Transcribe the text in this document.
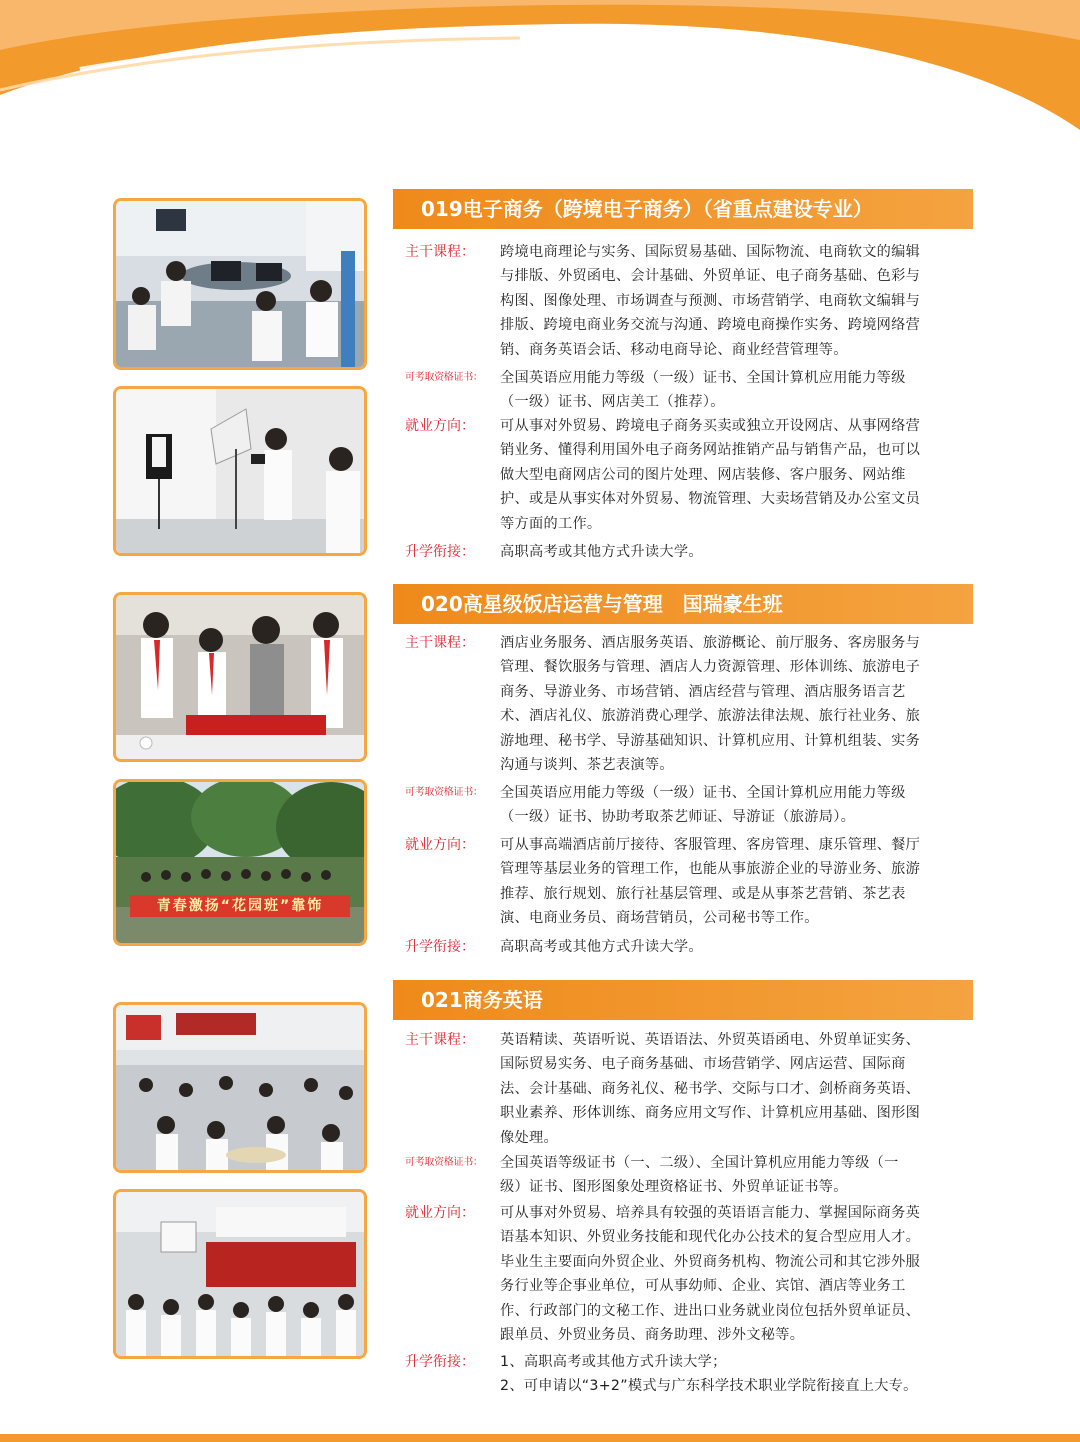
青春激扬“花园班”靠饰
019电子商务（跨境电子商务）（省重点建设专业）
主干课程：	跨境电商理论与实务、国际贸易基础、国际物流、电商软文的编辑
与排版、外贸函电、会计基础、外贸单证、电子商务基础、色彩与
构图、图像处理、市场调查与预测、市场营销学、电商软文编辑与
排版、跨境电商业务交流与沟通、跨境电商操作实务、跨境网络营
销、商务英语会话、移动电商导论、商业经营管理等。
可考取资格证书：	全国英语应用能力等级（一级）证书、全国计算机应用能力等级
（一级）证书、网店美工（推荐）。
就业方向：	可从事对外贸易、跨境电子商务买卖或独立开设网店、从事网络营
销业务、懂得利用国外电子商务网站推销产品与销售产品，也可以
做大型电商网店公司的图片处理、网店装修、客户服务、网站维
护、或是从事实体对外贸易、物流管理、大卖场营销及办公室文员
等方面的工作。
升学衔接：	高职高考或其他方式升读大学。
020高星级饭店运营与管理　国瑞豪生班
主干课程：	酒店业务服务、酒店服务英语、旅游概论、前厅服务、客房服务与
管理、餐饮服务与管理、酒店人力资源管理、形体训练、旅游电子
商务、导游业务、市场营销、酒店经营与管理、酒店服务语言艺
术、酒店礼仪、旅游消费心理学、旅游法律法规、旅行社业务、旅
游地理、秘书学、导游基础知识、计算机应用、计算机组装、实务
沟通与谈判、茶艺表演等。
可考取资格证书：	全国英语应用能力等级（一级）证书、全国计算机应用能力等级
（一级）证书、协助考取茶艺师证、导游证（旅游局）。
就业方向：	可从事高端酒店前厅接待、客服管理、客房管理、康乐管理、餐厅
管理等基层业务的管理工作，也能从事旅游企业的导游业务、旅游
推荐、旅行规划、旅行社基层管理、或是从事茶艺营销、茶艺表
演、电商业务员、商场营销员，公司秘书等工作。
升学衔接：	高职高考或其他方式升读大学。
021商务英语
主干课程：	英语精读、英语听说、英语语法、外贸英语函电、外贸单证实务、
国际贸易实务、电子商务基础、市场营销学、网店运营、国际商
法、会计基础、商务礼仪、秘书学、交际与口才、剑桥商务英语、
职业素养、形体训练、商务应用文写作、计算机应用基础、图形图
像处理。
可考取资格证书：	全国英语等级证书（一、二级）、全国计算机应用能力等级（一
级）证书、图形图象处理资格证书、外贸单证证书等。
就业方向：	可从事对外贸易、培养具有较强的英语语言能力、掌握国际商务英
语基本知识、外贸业务技能和现代化办公技术的复合型应用人才。
毕业生主要面向外贸企业、外贸商务机构、物流公司和其它涉外服
务行业等企事业单位，可从事幼师、企业、宾馆、酒店等业务工
作、行政部门的文秘工作、进出口业务就业岗位包括外贸单证员、
跟单员、外贸业务员、商务助理、涉外文秘等。
升学衔接：	1、高职高考或其他方式升读大学；
2、可申请以“3+2”模式与广东科学技术职业学院衔接直上大专。
